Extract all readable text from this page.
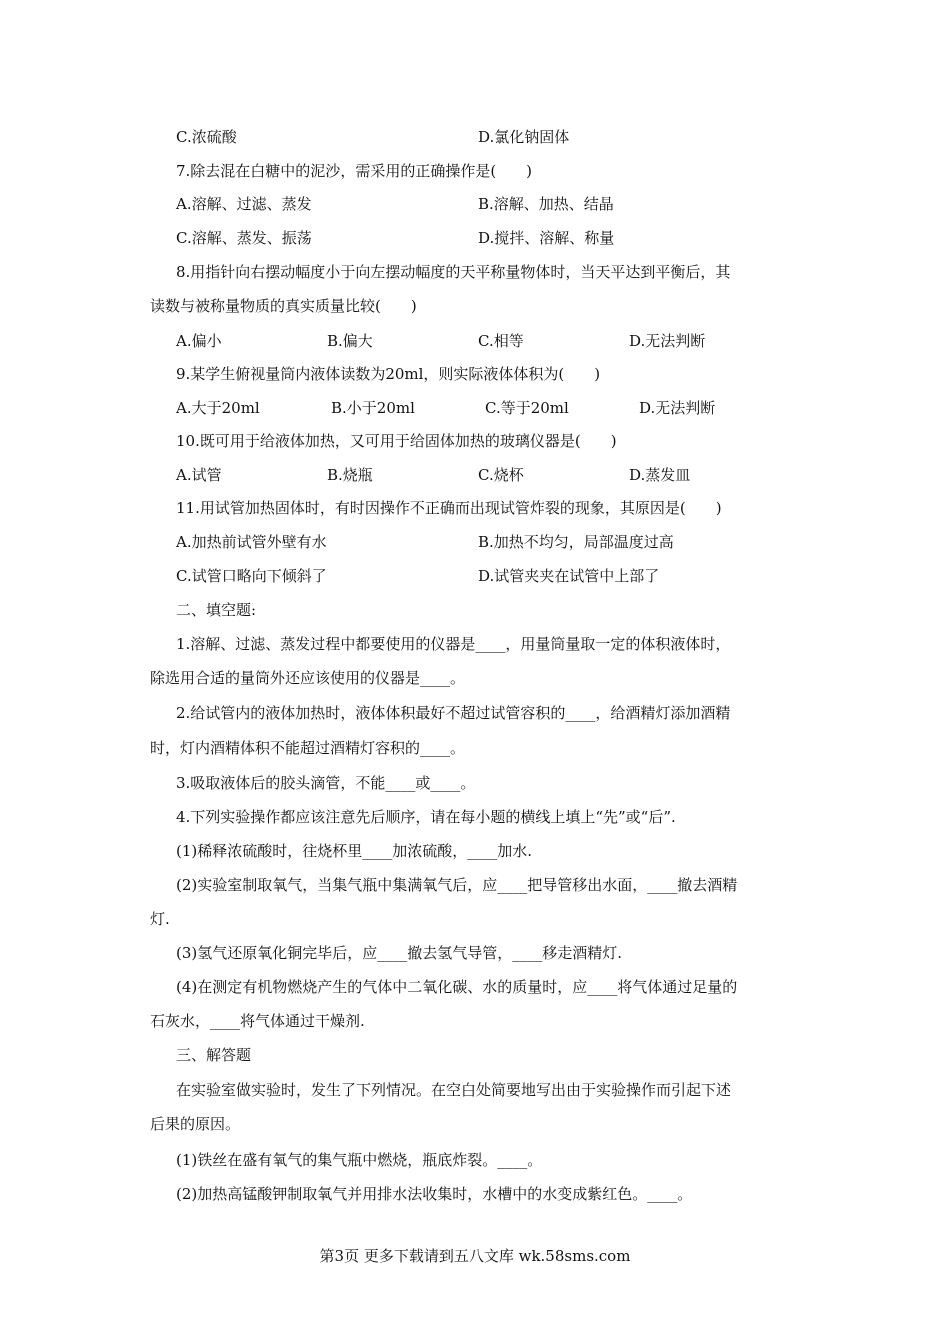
C.浓硫酸	D.氯化钠固体
7.除去混在白糖中的泥沙，需采用的正确操作是(　　)
A.溶解、过滤、蒸发	B.溶解、加热、结晶
C.溶解、蒸发、振荡	D.搅拌、溶解、称量
8.用指针向右摆动幅度小于向左摆动幅度的天平称量物体时，当天平达到平衡后，其
读数与被称量物质的真实质量比较(　　)
A.偏小	B.偏大	C.相等	D.无法判断
9.某学生俯视量筒内液体读数为20ml，则实际液体体积为(　　)
A.大于20ml	B.小于20ml	C.等于20ml	D.无法判断
10.既可用于给液体加热，又可用于给固体加热的玻璃仪器是(　　)
A.试管	B.烧瓶	C.烧杯	D.蒸发皿
11.用试管加热固体时，有时因操作不正确而出现试管炸裂的现象，其原因是(　　)
A.加热前试管外壁有水	B.加热不均匀，局部温度过高
C.试管口略向下倾斜了	D.试管夹夹在试管中上部了
二、填空题:
1.溶解、过滤、蒸发过程中都要使用的仪器是____，用量筒量取一定的体积液体时，
除选用合适的量筒外还应该使用的仪器是____。
2.给试管内的液体加热时，液体体积最好不超过试管容积的____，给酒精灯添加酒精
时，灯内酒精体积不能超过酒精灯容积的____。
3.吸取液体后的胶头滴管，不能____或____。
4.下列实验操作都应该注意先后顺序，请在每小题的横线上填上“先”或“后”.
(1)稀释浓硫酸时，往烧杯里____加浓硫酸，____加水.
(2)实验室制取氧气，当集气瓶中集满氧气后，应____把导管移出水面，____撤去酒精
灯.
(3)氢气还原氧化铜完毕后，应____撤去氢气导管，____移走酒精灯.
(4)在测定有机物燃烧产生的气体中二氧化碳、水的质量时，应____将气体通过足量的
石灰水，____将气体通过干燥剂.
三、解答题
在实验室做实验时，发生了下列情况。在空白处简要地写出由于实验操作而引起下述
后果的原因。
(1)铁丝在盛有氧气的集气瓶中燃烧，瓶底炸裂。____。
(2)加热高锰酸钾制取氧气并用排水法收集时，水槽中的水变成紫红色。____。
第3页 更多下载请到五八文库 wk.58sms.com
